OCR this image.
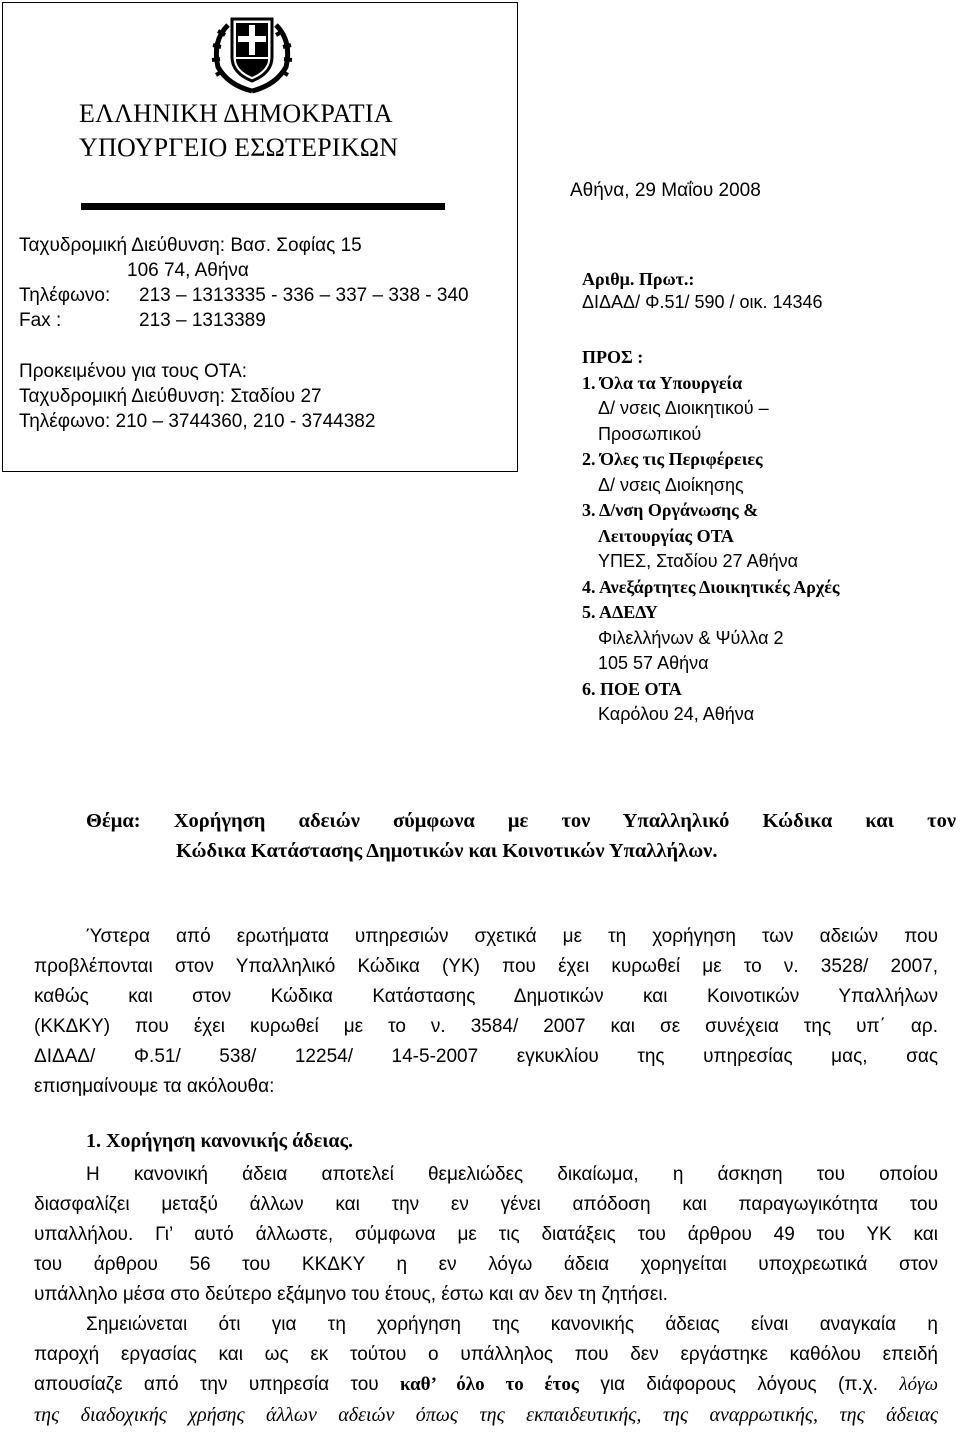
ΕΛΛΗΝΙΚΗ ΔΗΜΟΚΡΑΤΙΑ
ΥΠΟΥΡΓΕΙΟ ΕΣΩΤΕΡΙΚΩΝ
Ταχυδρομική Διεύθυνση: Βασ. Σοφίας 15
106 74, Αθήνα
Τηλέφωνο: 213 – 1313335 - 336 – 337 – 338 - 340
Fax :	213 – 1313389
Προκειμένου για τους ΟΤΑ:
Ταχυδρομική Διεύθυνση: Σταδίου 27
Τηλέφωνο: 210 – 3744360, 210 - 3744382
Αθήνα, 29 Μαΐου 2008
Αριθμ. Πρωτ.:
ΔΙΔΑΔ/ Φ.51/ 590 / οικ. 14346
ΠΡΟΣ :
1. Όλα τα Υπουργεία
Δ/ νσεις Διοικητικού –
Προσωπικού
2. Όλες τις Περιφέρειες
Δ/ νσεις Διοίκησης
3. Δ/νση Οργάνωσης &
Λειτουργίας ΟΤΑ
ΥΠΕΣ, Σταδίου 27 Αθήνα
4. Ανεξάρτητες Διοικητικές Αρχές
5. ΑΔΕΔΥ
Φιλελλήνων & Ψύλλα 2
105 57 Αθήνα
6. ΠΟΕ ΟΤΑ
Καρόλου 24, Αθήνα
Θέμα: Χορήγηση αδειών σύμφωνα με τον Υπαλληλικό Κώδικα και τον
Κώδικα Κατάστασης Δημοτικών και Κοινοτικών Υπαλλήλων.
Ύστερα από ερωτήματα υπηρεσιών σχετικά με τη χορήγηση των αδειών που
προβλέπονται στον Υπαλληλικό Κώδικα (ΥΚ) που έχει κυρωθεί με το ν. 3528/ 2007,
καθώς και στον Κώδικα Κατάστασης Δημοτικών και Κοινοτικών Υπαλλήλων
(ΚΚΔΚΥ) που έχει κυρωθεί με το ν. 3584/ 2007 και σε συνέχεια της υπ΄ αρ.
ΔΙΔΑΔ/ Φ.51/ 538/ 12254/ 14-5-2007 εγκυκλίου της υπηρεσίας μας, σας
επισημαίνουμε τα ακόλουθα:
1. Χορήγηση κανονικής άδειας.
Η κανονική άδεια αποτελεί θεμελιώδες δικαίωμα, η άσκηση του οποίου
διασφαλίζει μεταξύ άλλων και την εν γένει απόδοση και παραγωγικότητα του
υπαλλήλου. Γι’ αυτό άλλωστε, σύμφωνα με τις διατάξεις του άρθρου 49 του ΥΚ και
του άρθρου 56 του ΚΚΔΚΥ η εν λόγω άδεια χορηγείται υποχρεωτικά στον
υπάλληλο μέσα στο δεύτερο εξάμηνο του έτους, έστω και αν δεν τη ζητήσει.
Σημειώνεται ότι για τη χορήγηση της κανονικής άδειας είναι αναγκαία η
παροχή εργασίας και ως εκ τούτου ο υπάλληλος που δεν εργάστηκε καθόλου επειδή
απουσίαζε από την υπηρεσία του καθ’ όλο το έτος για διάφορους λόγους (π.χ. λόγω
της διαδοχικής χρήσης άλλων αδειών όπως της εκπαιδευτικής, της αναρρωτικής, της άδειας
